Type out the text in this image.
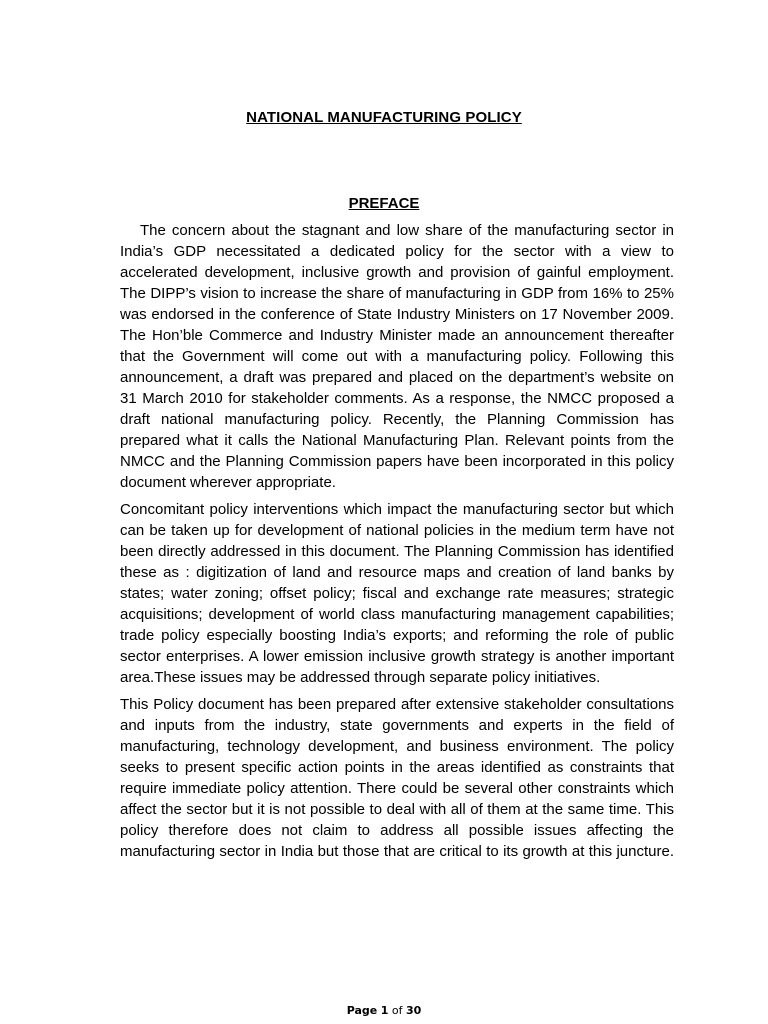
NATIONAL MANUFACTURING POLICY
PREFACE

The concern about the stagnant and low share of the manufacturing sector in India’s GDP necessitated a dedicated policy for the sector with a view to accelerated development, inclusive growth and provision of gainful employment. The DIPP’s vision to increase the share of manufacturing in GDP from 16% to 25% was endorsed in the conference of State Industry Ministers on 17 November 2009. The Hon’ble Commerce and Industry Minister made an announcement thereafter that the Government will come out with a manufacturing policy. Following this announcement, a draft was prepared and placed on the department’s website on 31 March 2010 for stakeholder comments. As a response, the NMCC proposed a draft national manufacturing policy. Recently, the Planning Commission has prepared what it calls the National Manufacturing Plan. Relevant points from the NMCC and the Planning Commission papers have been incorporated in this policy document wherever appropriate.

Concomitant policy interventions which impact the manufacturing sector but which can be taken up for development of national policies in the medium term have not been directly addressed in this document. The Planning Commission has identified these as : digitization of land and resource maps and creation of land banks by states; water zoning; offset policy; fiscal and exchange rate measures; strategic acquisitions; development of world class manufacturing management capabilities; trade policy especially boosting India’s exports; and reforming the role of public sector enterprises. A lower emission inclusive growth strategy is another important area.These issues may be addressed through separate policy initiatives.

This Policy document has been prepared after extensive stakeholder consultations and inputs from the industry, state governments and experts in the field of manufacturing, technology development, and business environment. The policy seeks to present specific action points in the areas identified as constraints that require immediate policy attention. There could be several other constraints which affect the sector but it is not possible to deal with all of them at the same time. This policy therefore does not claim to address all possible issues affecting the manufacturing sector in India but those that are critical to its growth at this juncture.

Page 1 of 30
